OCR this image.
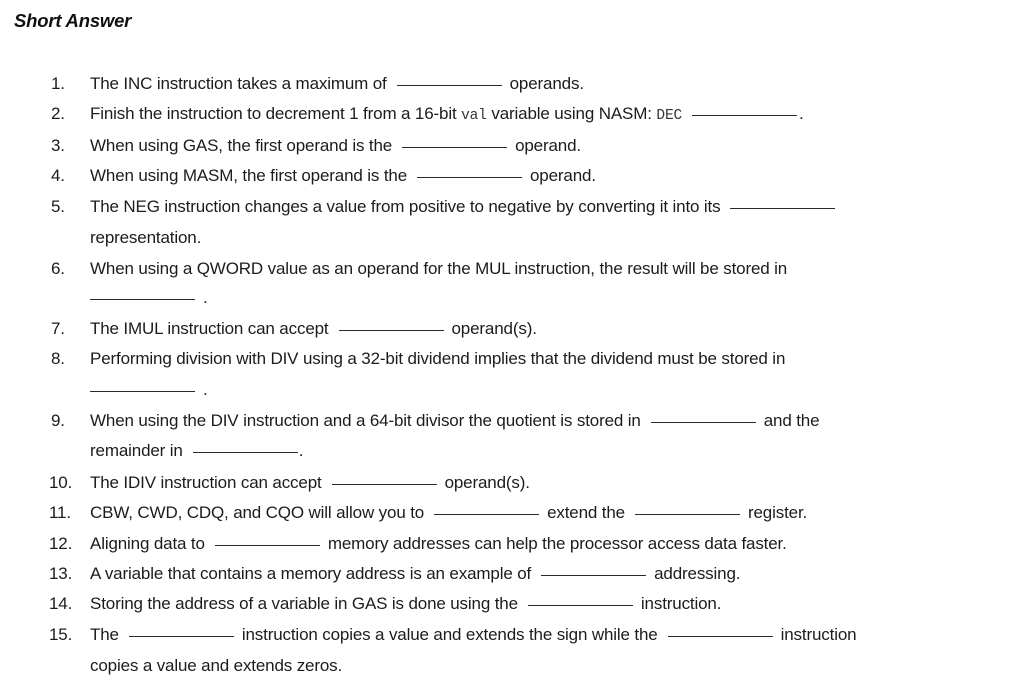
Short Answer
1.	The INC instruction takes a maximum of	operands.
2.	Finish the instruction to decrement 1 from a 16-bit val variable using NASM: DEC	.
3.	When using GAS, the first operand is the	operand.
4.	When using MASM, the first operand is the	operand.
5.	The NEG instruction changes a value from positive to negative by converting it into its
representation.
6.	When using a QWORD value as an operand for the MUL instruction, the result will be stored in
.
7.	The IMUL instruction can accept	operand(s).
8.	Performing division with DIV using a 32-bit dividend implies that the dividend must be stored in
.
9.	When using the DIV instruction and a 64-bit divisor the quotient is stored in	and the
remainder in	.
10.	The IDIV instruction can accept	operand(s).
11.	CBW, CWD, CDQ, and CQO will allow you to	extend the	register.
12.	Aligning data to	memory addresses can help the processor access data faster.
13.	A variable that contains a memory address is an example of	addressing.
14.	Storing the address of a variable in GAS is done using the	instruction.
15.	The	instruction copies a value and extends the sign while the	instruction
copies a value and extends zeros.
